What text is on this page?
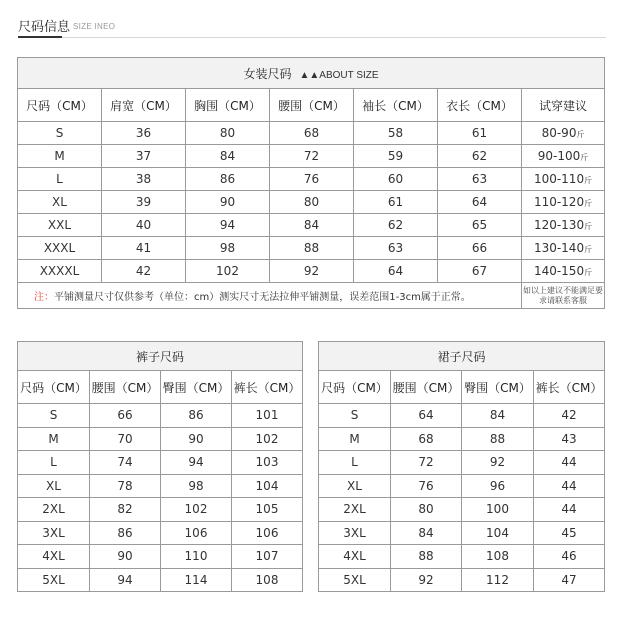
尺码信息 SIZE INEO
女装尺码 ▲▲ABOUT SIZE						
尺码（CM）	肩宽（CM）	胸围（CM）	腰围（CM）	袖长（CM）	衣长（CM）	试穿建议
S	36	80	68	58	61	80-90斤
M	37	84	72	59	62	90-100斤
L	38	86	76	60	63	100-110斤
XL	39	90	80	61	64	110-120斤
XXL	40	94	84	62	65	120-130斤
XXXL	41	98	88	63	66	130-140斤
XXXXL	42	102	92	64	67	140-150斤
注：平铺测量尺寸仅供参考（单位：cm）测实尺寸无法拉伸平铺测量，误差范围1-3cm属于正常。						如以上建议不能满足要求请联系客服
裤子尺码			
尺码（CM）	腰围（CM）	臀围（CM）	裤长（CM）
S	66	86	101
M	70	90	102
L	74	94	103
XL	78	98	104
2XL	82	102	105
3XL	86	106	106
4XL	90	110	107
5XL	94	114	108
裙子尺码			
尺码（CM）	腰围（CM）	臀围（CM）	裤长（CM）
S	64	84	42
M	68	88	43
L	72	92	44
XL	76	96	44
2XL	80	100	44
3XL	84	104	45
4XL	88	108	46
5XL	92	112	47
